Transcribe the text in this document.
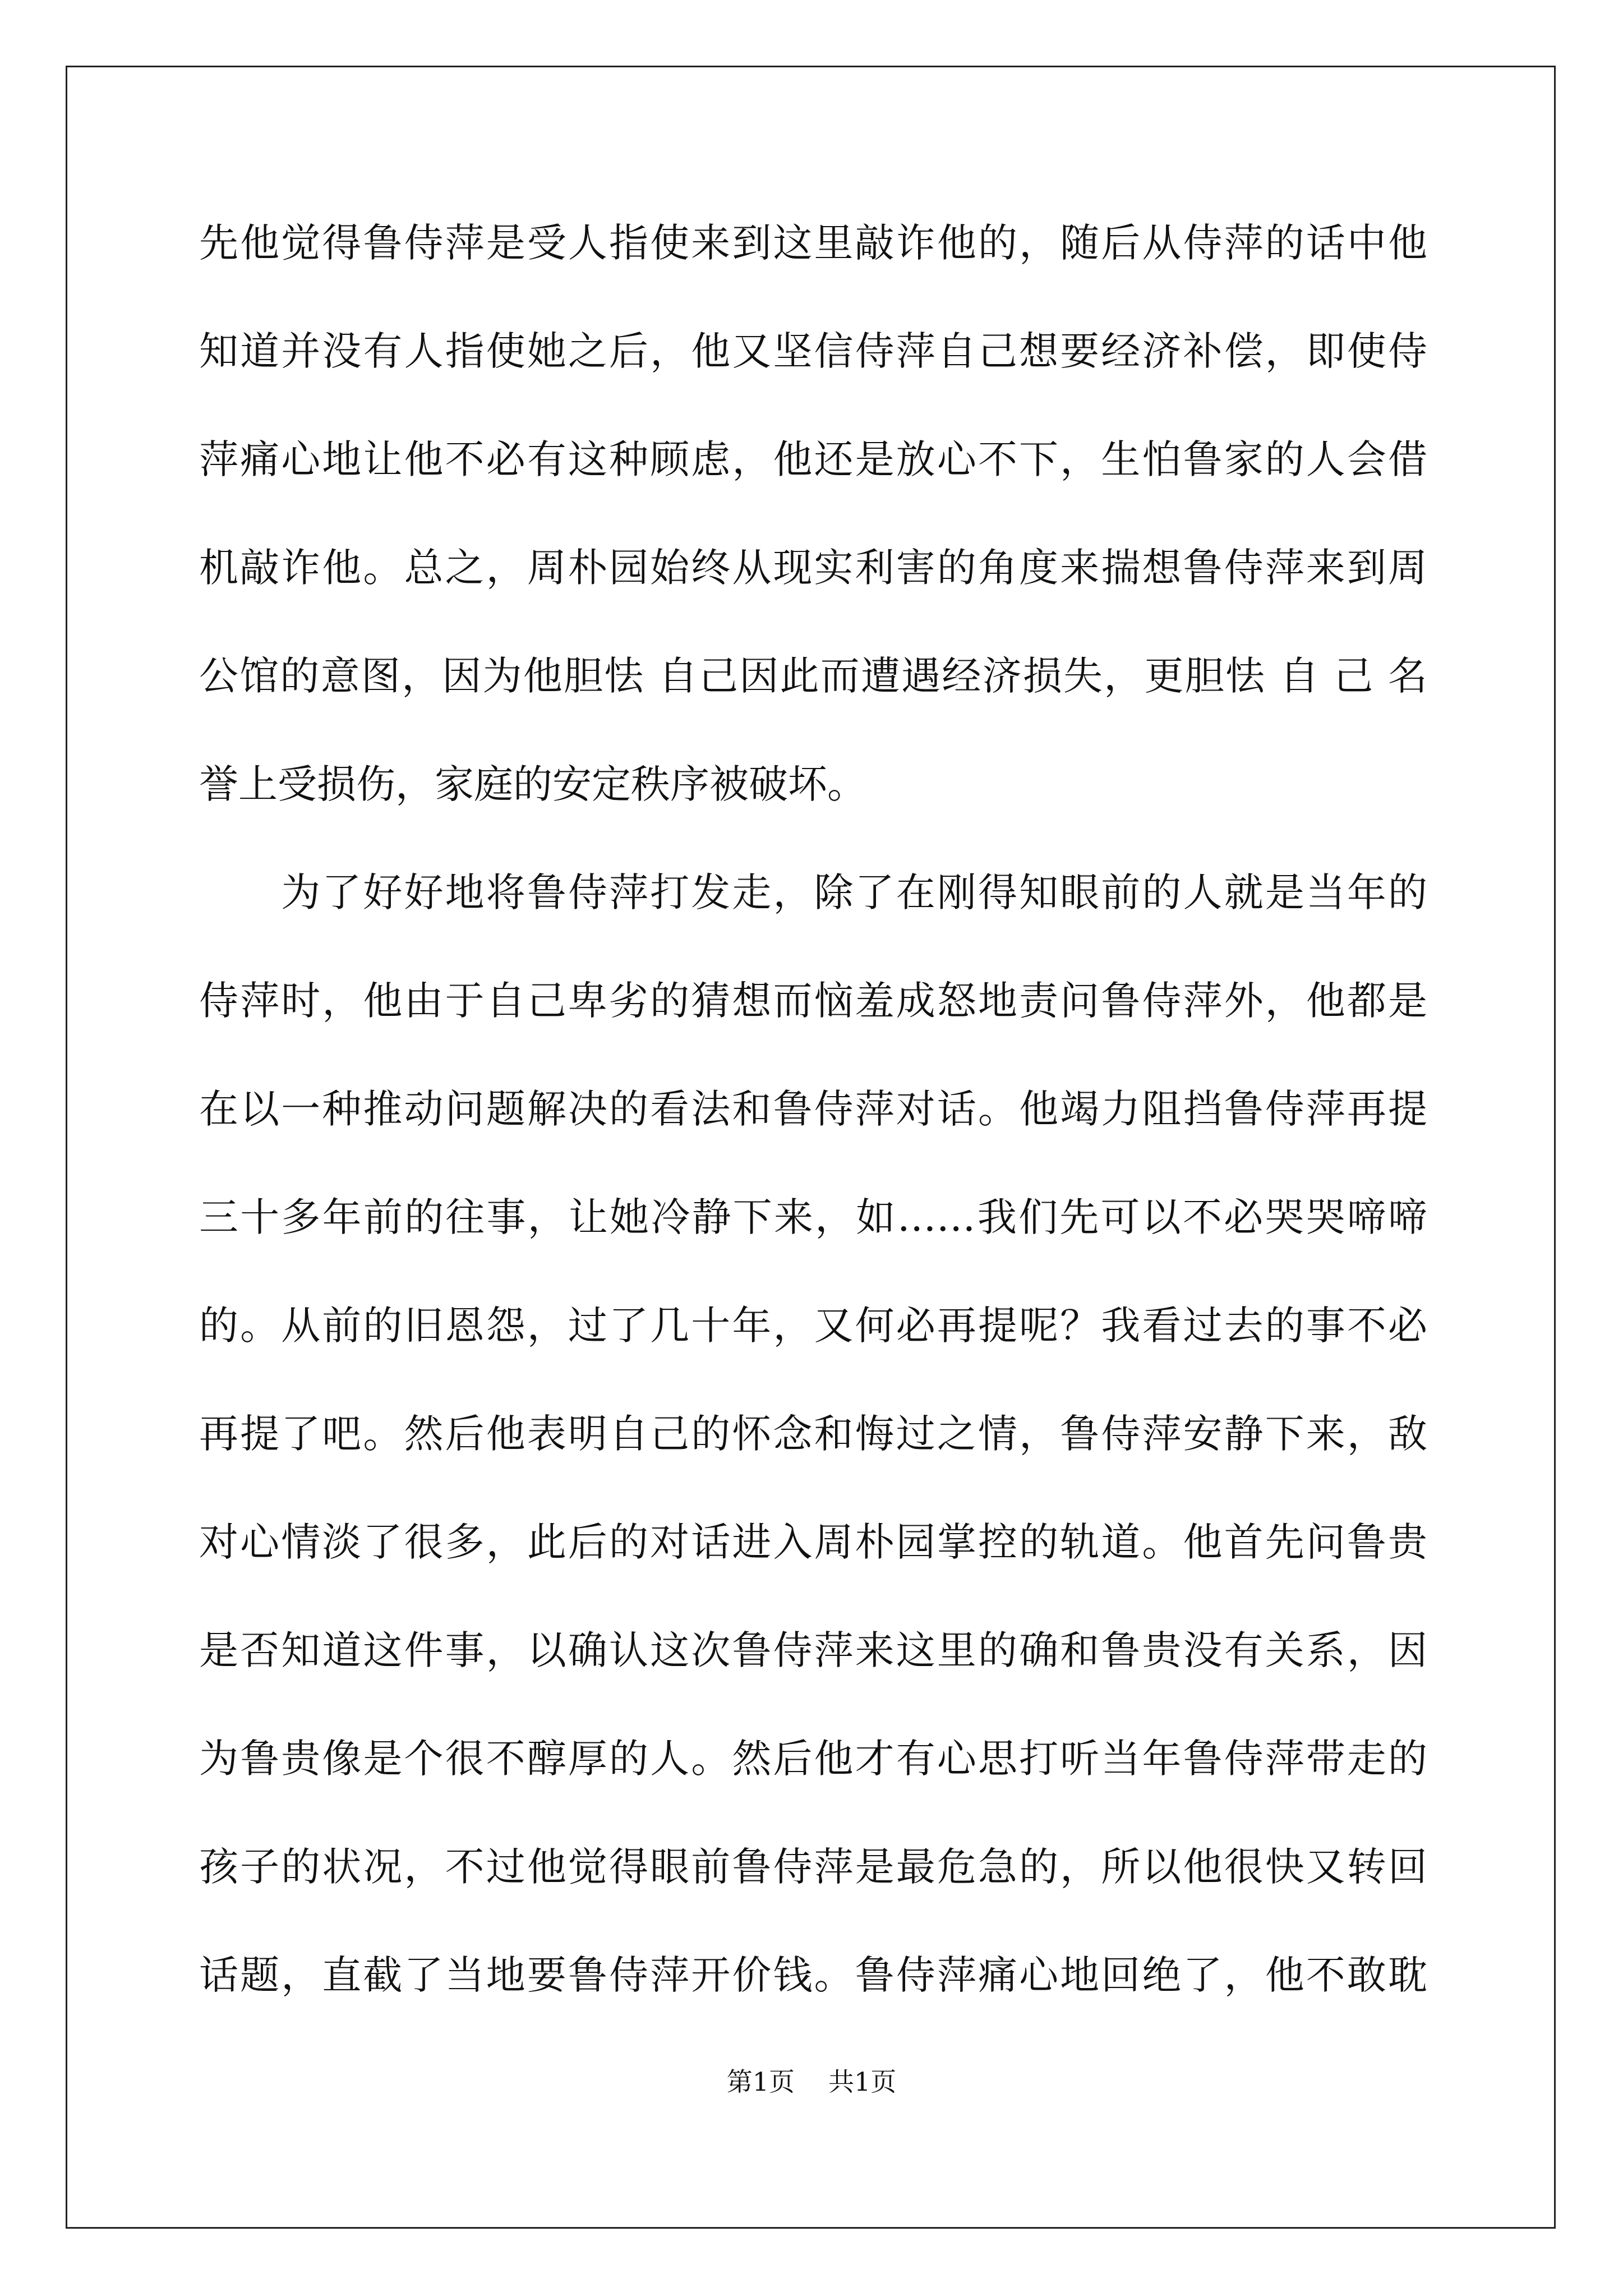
先他觉得鲁侍萍是受人指使来到这里敲诈他的，随后从侍萍的话中他
知道并没有人指使她之后，他又坚信侍萍自己想要经济补偿，即使侍
萍痛心地让他不必有这种顾虑，他还是放心不下，生怕鲁家的人会借
机敲诈他。总之，周朴园始终从现实利害的角度来揣想鲁侍萍来到周
公馆的意图，因为他胆怯 自己因此而遭遇经济损失，更胆怯 自 己 名
誉上受损伤，家庭的安定秩序被破坏。
　　为了好好地将鲁侍萍打发走，除了在刚得知眼前的人就是当年的
侍萍时，他由于自己卑劣的猜想而恼羞成怒地责问鲁侍萍外，他都是
在以一种推动问题解决的看法和鲁侍萍对话。他竭力阻挡鲁侍萍再提
三十多年前的往事，让她冷静下来，如……我们先可以不必哭哭啼啼
的。从前的旧恩怨，过了几十年，又何必再提呢？我看过去的事不必
再提了吧。然后他表明自己的怀念和悔过之情，鲁侍萍安静下来，敌
对心情淡了很多，此后的对话进入周朴园掌控的轨道。他首先问鲁贵
是否知道这件事，以确认这次鲁侍萍来这里的确和鲁贵没有关系，因
为鲁贵像是个很不醇厚的人。然后他才有心思打听当年鲁侍萍带走的
孩子的状况，不过他觉得眼前鲁侍萍是最危急的，所以他很快又转回
话题，直截了当地要鲁侍萍开价钱。鲁侍萍痛心地回绝了，他不敢耽
第1页 共1页
